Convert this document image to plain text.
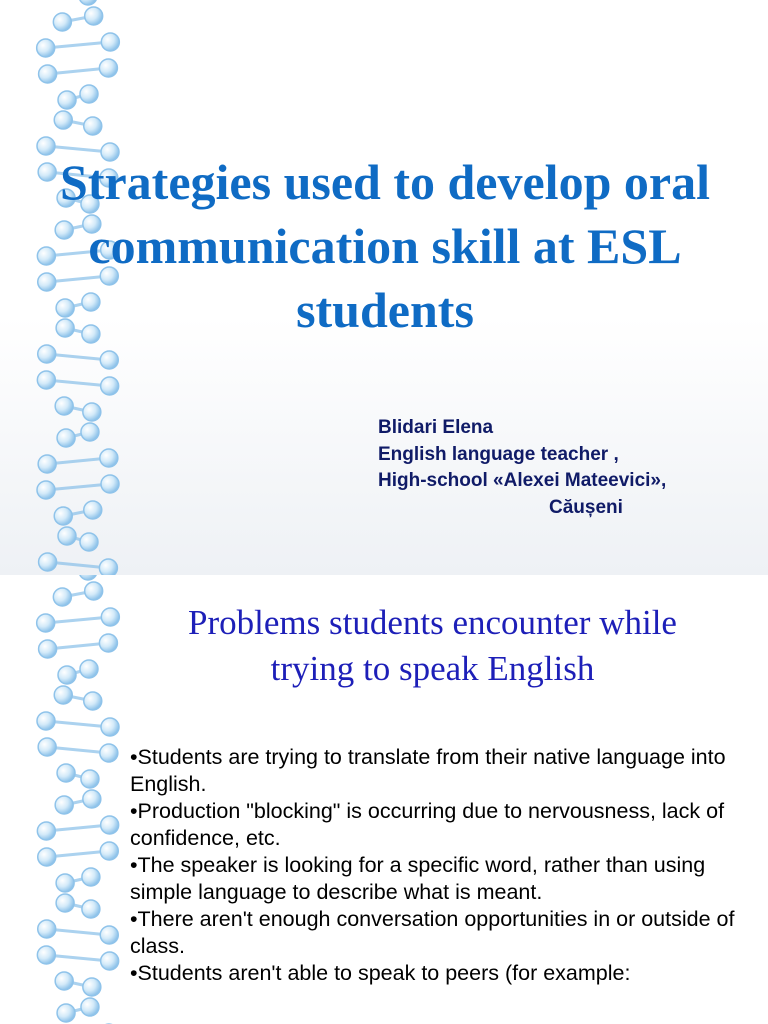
Strategies used to develop oral communication skill at ESL students
Blidari Elena
English language teacher ,
High-school «Alexei Mateevici»,
Căușeni
Problems students encounter while trying to speak English
•Students are trying to translate from their native language into English.
•Production "blocking" is occurring due to nervousness, lack of confidence, etc.
•The speaker is looking for a specific word, rather than using simple language to describe what is meant.
•There aren't enough conversation opportunities in or outside of class.
•Students aren't able to speak to peers (for example:
